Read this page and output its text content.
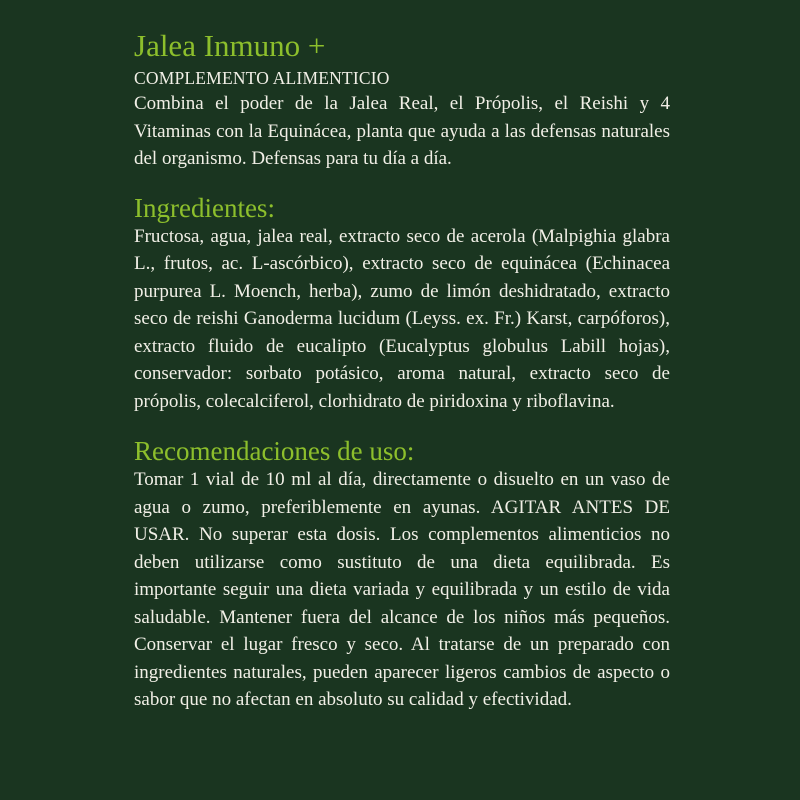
Jalea Inmuno +
COMPLEMENTO ALIMENTICIO

Combina el poder de la Jalea Real, el Própolis, el Reishi y 4 Vitaminas con la Equinácea, planta que ayuda a las defensas naturales del organismo. Defensas para tu día a día.

Ingredientes:

Fructosa, agua, jalea real, extracto seco de acerola (Malpighia glabra L., frutos, ac. L-ascórbico), extracto seco de equinácea (Echinacea purpurea L. Moench, herba), zumo de limón deshidratado, extracto seco de reishi Ganoderma lucidum (Leyss. ex. Fr.) Karst, carpóforos), extracto fluido de eucalipto (Eucalyptus globulus Labill hojas), conservador: sorbato potásico, aroma natural, extracto seco de própolis, colecalciferol, clorhidrato de piridoxina y riboflavina.

Recomendaciones de uso:

Tomar 1 vial de 10 ml al día, directamente o disuelto en un vaso de agua o zumo, preferiblemente en ayunas. AGITAR ANTES DE USAR. No superar esta dosis. Los complementos alimenticios no deben utilizarse como sustituto de una dieta equilibrada. Es importante seguir una dieta variada y equilibrada y un estilo de vida saludable. Mantener fuera del alcance de los niños más pequeños. Conservar el lugar fresco y seco. Al tratarse de un preparado con ingredientes naturales, pueden aparecer ligeros cambios de aspecto o sabor que no afectan en absoluto su calidad y efectividad.
